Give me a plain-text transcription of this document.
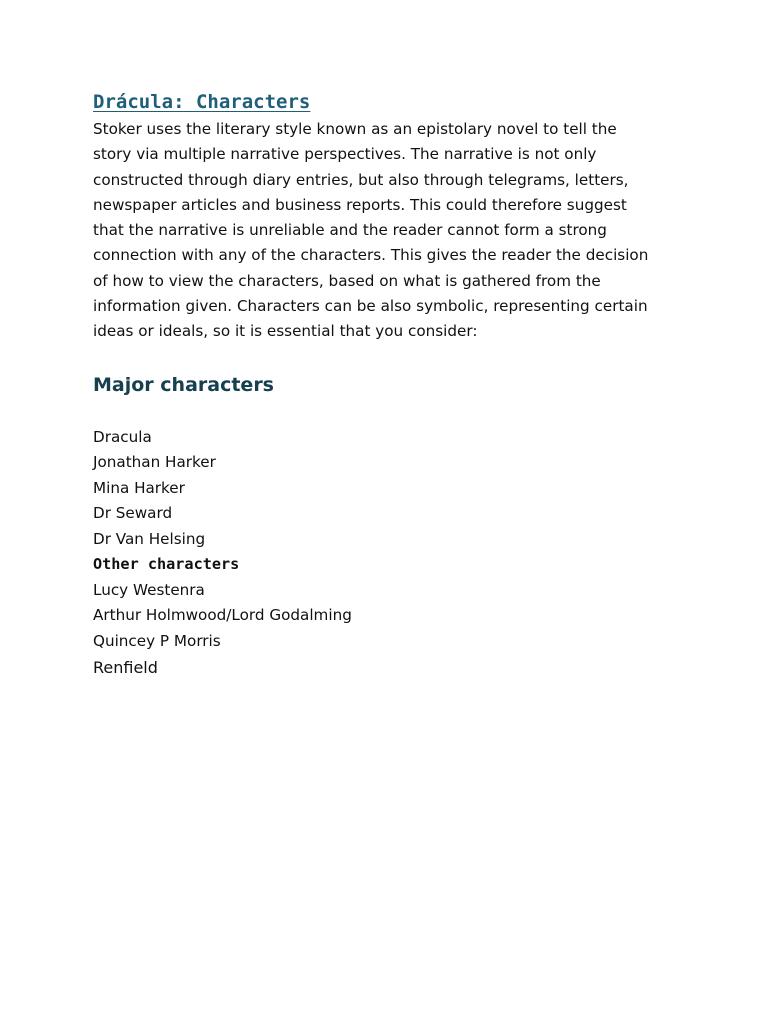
Drácula: Characters
Stoker uses the literary style known as an epistolary novel to tell the
story via multiple narrative perspectives. The narrative is not only
constructed through diary entries, but also through telegrams, letters,
newspaper articles and business reports. This could therefore suggest
that the narrative is unreliable and the reader cannot form a strong
connection with any of the characters. This gives the reader the decision
of how to view the characters, based on what is gathered from the
information given. Characters can be also symbolic, representing certain
ideas or ideals, so it is essential that you consider:
Major characters
Dracula
Jonathan Harker
Mina Harker
Dr Seward
Dr Van Helsing
Other characters
Lucy Westenra
Arthur Holmwood/Lord Godalming
Quincey P Morris
Renfield
